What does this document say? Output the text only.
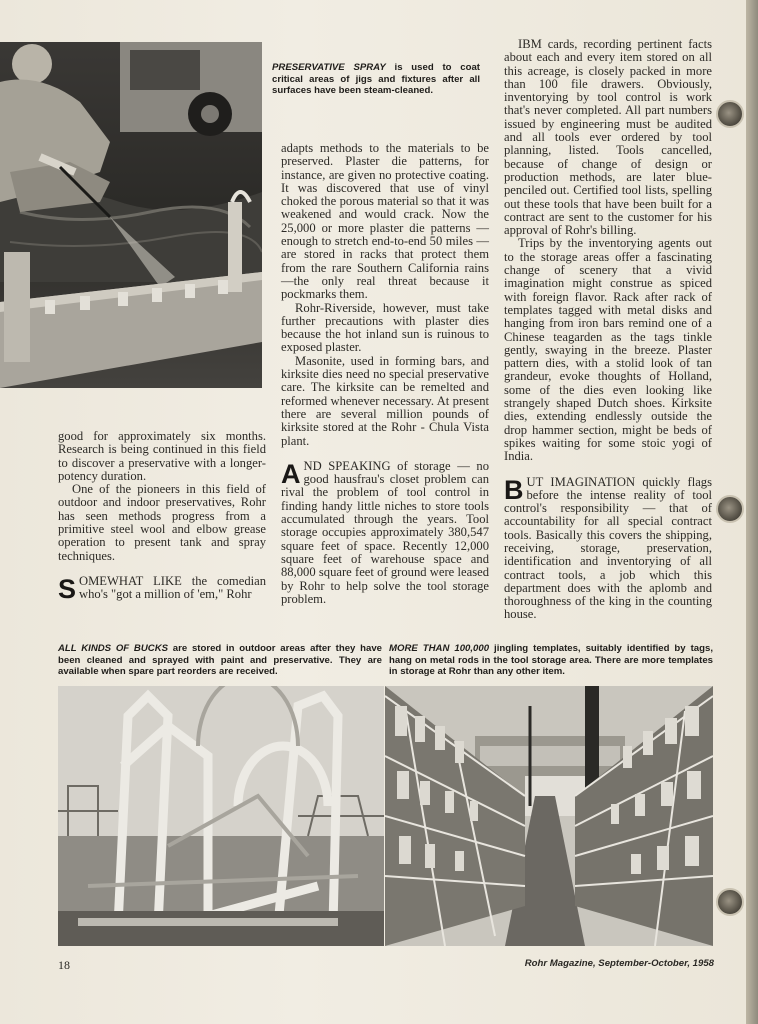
PRESERVATIVE SPRAY is used to coat critical areas of jigs and fixtures after all surfaces have been steam-cleaned.

good for approximately six months. Research is being continued in this field to discover a preservative with a longer-potency duration.

One of the pioneers in this field of outdoor and indoor preservatives, Rohr has seen methods progress from a primitive steel wool and elbow grease operation to present tank and spray techniques.

SOMEWHAT LIKE the comedian who's "got a million of 'em," Rohr

adapts methods to the materials to be preserved. Plaster die patterns, for instance, are given no protective coating. It was discovered that use of vinyl choked the porous material so that it was weakened and would crack. Now the 25,000 or more plaster die patterns —enough to stretch end-to-end 50 miles —are stored in racks that protect them from the rare Southern California rains —the only real threat because it pockmarks them.

Rohr-Riverside, however, must take further precautions with plaster dies because the hot inland sun is ruinous to exposed plaster.

Masonite, used in forming bars, and kirksite dies need no special preservative care. The kirksite can be remelted and reformed whenever necessary. At present there are several million pounds of kirksite stored at the Rohr - Chula Vista plant.

AND SPEAKING of storage — no good hausfrau's closet problem can rival the problem of tool control in finding handy little niches to store tools accumulated through the years. Tool storage occupies approximately 380,547 square feet of space. Recently 12,000 square feet of warehouse space and 88,000 square feet of ground were leased by Rohr to help solve the tool storage problem.

IBM cards, recording pertinent facts about each and every item stored on all this acreage, is closely packed in more than 100 file drawers. Obviously, inventorying by tool control is work that's never completed. All part numbers issued by engineering must be audited and all tools ever ordered by tool planning, listed. Tools cancelled, because of change of design or production methods, are later blue-penciled out. Certified tool lists, spelling out these tools that have been built for a contract are sent to the customer for his approval of Rohr's billing.

Trips by the inventorying agents out to the storage areas offer a fascinating change of scenery that a vivid imagination might construe as spiced with foreign flavor. Rack after rack of templates tagged with metal disks and hanging from iron bars remind one of a Chinese teagarden as the tags tinkle gently, swaying in the breeze. Plaster pattern dies, with a stolid look of tan grandeur, evoke thoughts of Holland, some of the dies even looking like strangely shaped Dutch shoes. Kirksite dies, extending endlessly outside the drop hammer section, might be beds of spikes waiting for some stoic yogi of India.

BUT IMAGINATION quickly flags before the intense reality of tool control's responsibility — that of accountability for all special contract tools. Basically this covers the shipping, receiving, storage, preservation, identification and inventorying of all contract tools, a job which this department does with the aplomb and thoroughness of the king in the counting house.

ALL KINDS OF BUCKS are stored in outdoor areas after they have been cleaned and sprayed with paint and preservative. They are available when spare part reorders are received.
MORE THAN 100,000 jingling templates, suitably identified by tags, hang on metal rods in the tool storage area. There are more templates in storage at Rohr than any other item.
18	Rohr Magazine, September-October, 1958
